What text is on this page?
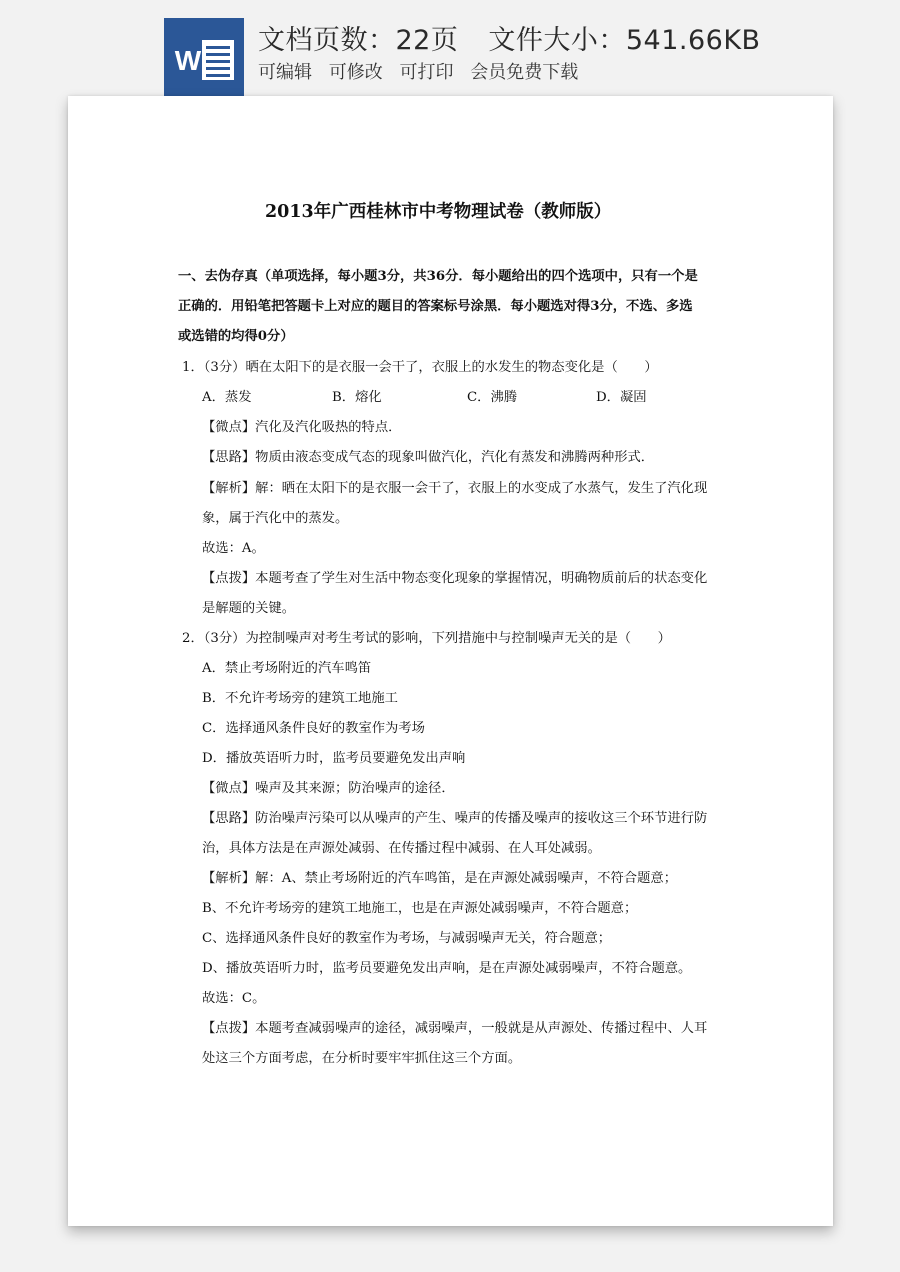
W
文档页数：22页 文件大小：541.66KB
可编辑 可修改 可打印 会员免费下载
2013年广西桂林市中考物理试卷（教师版）
一、去伪存真（单项选择，每小题3分，共36分．每小题给出的四个选项中，只有一个是
正确的．用铅笔把答题卡上对应的题目的答案标号涂黑．每小题选对得3分，不选、多选
或选错的均得0分）
1．（3分）晒在太阳下的是衣服一会干了，衣服上的水发生的物态变化是（　　）
A．蒸发	B．熔化	C．沸腾	D．凝固
【微点】汽化及汽化吸热的特点．
【思路】物质由液态变成气态的现象叫做汽化，汽化有蒸发和沸腾两种形式．
【解析】解：晒在太阳下的是衣服一会干了，衣服上的水变成了水蒸气，发生了汽化现
象，属于汽化中的蒸发。
故选：A。
【点拨】本题考查了学生对生活中物态变化现象的掌握情况，明确物质前后的状态变化
是解题的关键。
2．（3分）为控制噪声对考生考试的影响，下列措施中与控制噪声无关的是（　　）
A．禁止考场附近的汽车鸣笛
B．不允许考场旁的建筑工地施工
C．选择通风条件良好的教室作为考场
D．播放英语听力时，监考员要避免发出声响
【微点】噪声及其来源；防治噪声的途径．
【思路】防治噪声污染可以从噪声的产生、噪声的传播及噪声的接收这三个环节进行防
治，具体方法是在声源处减弱、在传播过程中减弱、在人耳处减弱。
【解析】解：A、禁止考场附近的汽车鸣笛，是在声源处减弱噪声，不符合题意；
B、不允许考场旁的建筑工地施工，也是在声源处减弱噪声，不符合题意；
C、选择通风条件良好的教室作为考场，与减弱噪声无关，符合题意；
D、播放英语听力时，监考员要避免发出声响，是在声源处减弱噪声，不符合题意。
故选：C。
【点拨】本题考查减弱噪声的途径，减弱噪声，一般就是从声源处、传播过程中、人耳
处这三个方面考虑，在分析时要牢牢抓住这三个方面。
